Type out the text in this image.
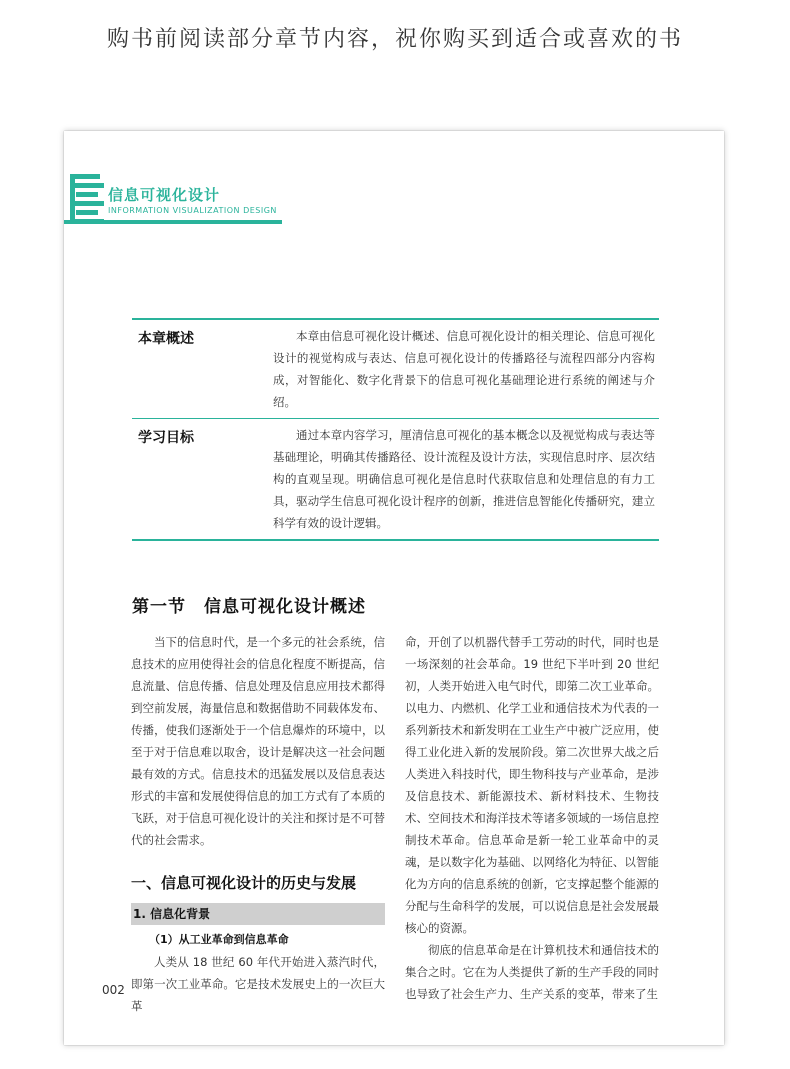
购书前阅读部分章节内容，祝你购买到适合或喜欢的书
信息可视化设计
INFORMATION VISUALIZATION DESIGN
本章概述	本章由信息可视化设计概述、信息可视化设计的相关理论、信息可视化设计的视觉构成与表达、信息可视化设计的传播路径与流程四部分内容构成，对智能化、数字化背景下的信息可视化基础理论进行系统的阐述与介绍。
学习目标	通过本章内容学习，厘清信息可视化的基本概念以及视觉构成与表达等基础理论，明确其传播路径、设计流程及设计方法，实现信息时序、层次结构的直观呈现。明确信息可视化是信息时代获取信息和处理信息的有力工具，驱动学生信息可视化设计程序的创新，推进信息智能化传播研究，建立科学有效的设计逻辑。
第一节　信息可视化设计概述

当下的信息时代，是一个多元的社会系统，信息技术的应用使得社会的信息化程度不断提高，信息流量、信息传播、信息处理及信息应用技术都得到空前发展，海量信息和数据借助不同载体发布、传播，使我们逐渐处于一个信息爆炸的环境中，以至于对于信息难以取舍，设计是解决这一社会问题最有效的方式。信息技术的迅猛发展以及信息表达形式的丰富和发展使得信息的加工方式有了本质的飞跃，对于信息可视化设计的关注和探讨是不可替代的社会需求。

一、信息可视化设计的历史与发展
1. 信息化背景
（1）从工业革命到信息革命

人类从 18 世纪 60 年代开始进入蒸汽时代，即第一次工业革命。它是技术发展史上的一次巨大革

命，开创了以机器代替手工劳动的时代，同时也是一场深刻的社会革命。19 世纪下半叶到 20 世纪初，人类开始进入电气时代，即第二次工业革命。以电力、内燃机、化学工业和通信技术为代表的一系列新技术和新发明在工业生产中被广泛应用，使得工业化进入新的发展阶段。第二次世界大战之后人类进入科技时代，即生物科技与产业革命，是涉及信息技术、新能源技术、新材料技术、生物技术、空间技术和海洋技术等诸多领域的一场信息控制技术革命。信息革命是新一轮工业革命中的灵魂，是以数字化为基础、以网络化为特征、以智能化为方向的信息系统的创新，它支撑起整个能源的分配与生命科学的发展，可以说信息是社会发展最核心的资源。

彻底的信息革命是在计算机技术和通信技术的集合之时。它在为人类提供了新的生产手段的同时也导致了社会生产力、生产关系的变革，带来了生

002
